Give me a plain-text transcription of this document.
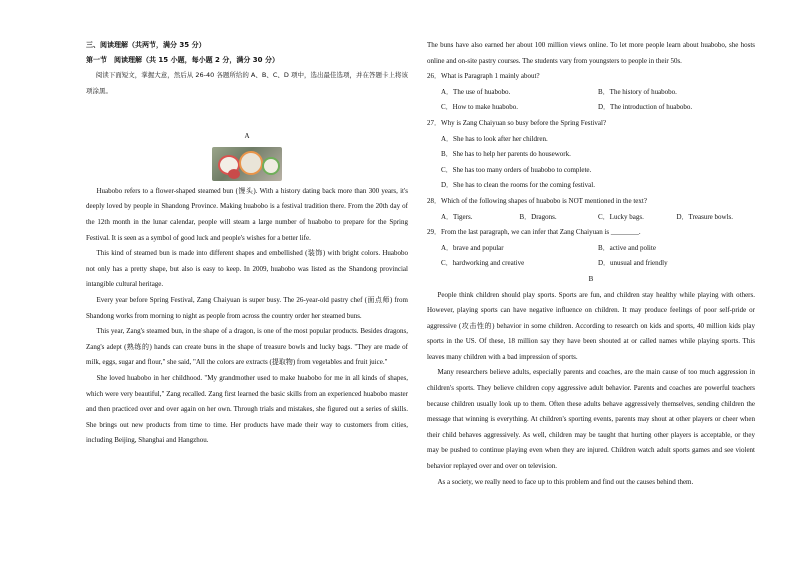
三、阅读理解（共两节，满分 35 分）
第一节　阅读理解（共 15 小题，每小题 2 分，满分 30 分）

阅读下面短文，掌握大意，然后从 26-40 各题所给的 A、B、C、D 项中，选出最佳选项，并在答题卡上将该项涂黑。

A

Huabobo refers to a flower-shaped steamed bun (馒头). With a history dating back more than 300 years, it's deeply loved by people in Shandong Province. Making huabobo is a festival tradition there. From the 20th day of the 12th month in the lunar calendar, people will steam a large number of huabobo to prepare for the Spring Festival. It is seen as a symbol of good luck and people's wishes for a better life.

This kind of steamed bun is made into different shapes and embellished (装饰) with bright colors. Huabobo not only has a pretty shape, but also is easy to keep. In 2009, huabobo was listed as the Shandong provincial intangible cultural heritage.

Every year before Spring Festival, Zang Chaiyuan is super busy. The 26-year-old pastry chef (面点师) from Shandong works from morning to night as people from across the country order her steamed buns.

This year, Zang's steamed bun, in the shape of a dragon, is one of the most popular products. Besides dragons, Zang's adept (熟练的) hands can create buns in the shape of treasure bowls and lucky bags. "They are made of milk, eggs, sugar and flour," she said, "All the colors are extracts (提取物) from vegetables and fruit juice."

She loved huabobo in her childhood. "My grandmother used to make huabobo for me in all kinds of shapes, which were very beautiful," Zang recalled. Zang first learned the basic skills from an experienced huabobo master and then practiced over and over again on her own. Through trials and mistakes, she figured out a series of skills. She brings out new products from time to time. Her products have made their way to customers from cities, including Beijing, Shanghai and Hangzhou.

The buns have also earned her about 100 million views online. To let more people learn about huabobo, she hosts online and on-site pastry courses. The students vary from youngsters to people in their 50s.

26．What is Paragraph 1 mainly about?

A．The use of huabobo.	B．The history of huabobo.
C．How to make huabobo.	D．The introduction of huabobo.

27．Why is Zang Chaiyuan so busy before the Spring Festival?

A．She has to look after her children.
B．She has to help her parents do housework.
C．She has too many orders of huabobo to complete.
D．She has to clean the rooms for the coming festival.

28．Which of the following shapes of huabobo is NOT mentioned in the text?

A．Tigers.	B．Dragons.	C．Lucky bags.	D．Treasure bowls.

29．From the last paragraph, we can infer that Zang Chaiyuan is ________.

A．brave and popular	B．active and polite
C．hardworking and creative	D．unusual and friendly
B

People think children should play sports. Sports are fun, and children stay healthy while playing with others. However, playing sports can have negative influence on children. It may produce feelings of poor self-pride or aggressive (攻击性的) behavior in some children. According to research on kids and sports, 40 million kids play sports in the US. Of these, 18 million say they have been shouted at or called names while playing sports. This leaves many children with a bad impression of sports.

Many researchers believe adults, especially parents and coaches, are the main cause of too much aggression in children's sports. They believe children copy aggressive adult behavior. Parents and coaches are powerful teachers because children usually look up to them. Often these adults behave aggressively themselves, sending children the message that winning is everything. At children's sporting events, parents may shout at other players or cheer when their child behaves aggressively. As well, children may be taught that hurting other players is acceptable, or they may be pushed to continue playing even when they are injured. Children watch adult sports games and see violent behavior replayed over and over on television.

As a society, we really need to face up to this problem and find out the causes behind them.
